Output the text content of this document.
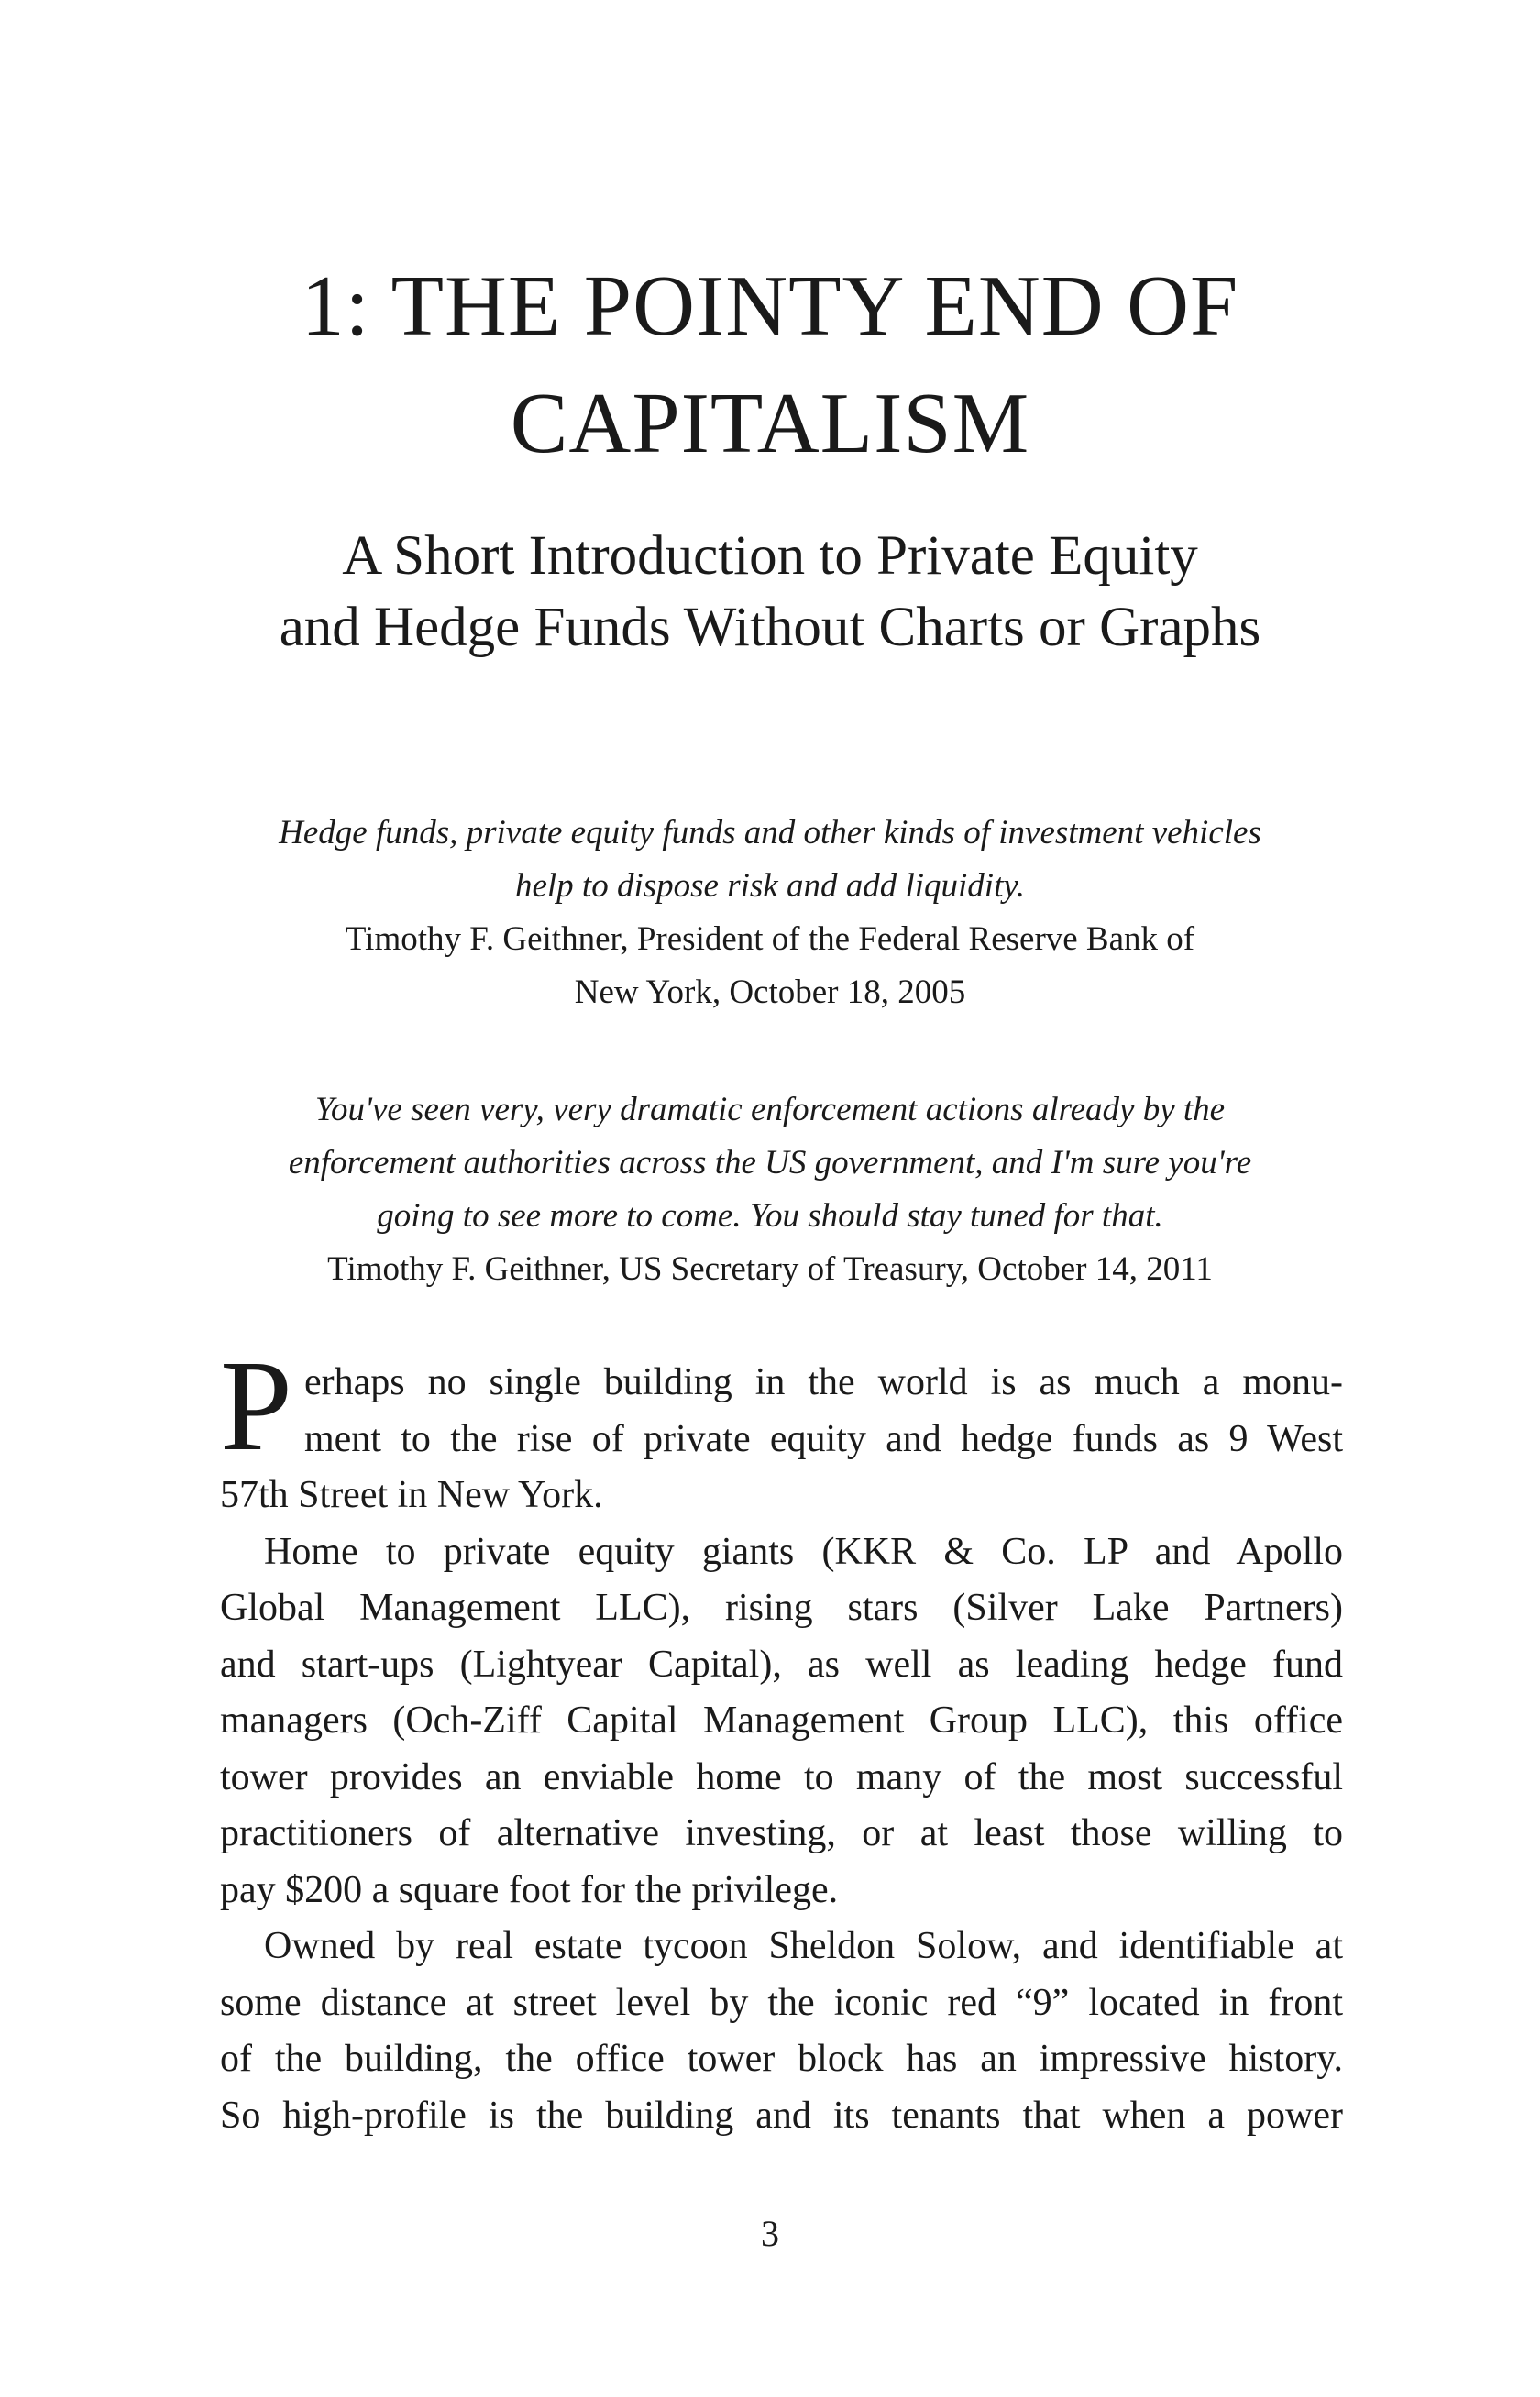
1: THE POINTY END OF
CAPITALISM
A Short Introduction to Private Equity
and Hedge Funds Without Charts or Graphs

Hedge funds, private equity funds and other kinds of investment vehicles
help to dispose risk and add liquidity.

Timothy F. Geithner, President of the Federal Reserve Bank of
New York, October 18, 2005

You've seen very, very dramatic enforcement actions already by the
enforcement authorities across the US government, and I'm sure you're
going to see more to come. You should stay tuned for that.

Timothy F. Geithner, US Secretary of Treasury, October 14, 2011

P erhaps no single building in the world is as much a monu-
ment to the rise of private equity and hedge funds as 9 West
57th Street in New York.
Home to private equity giants (KKR & Co. LP and Apollo
Global Management LLC), rising stars (Silver Lake Partners)
and start-ups (Lightyear Capital), as well as leading hedge fund
managers (Och-Ziff Capital Management Group LLC), this office
tower provides an enviable home to many of the most successful
practitioners of alternative investing, or at least those willing to
pay $200 a square foot for the privilege.
Owned by real estate tycoon Sheldon Solow, and identifiable at
some distance at street level by the iconic red “9” located in front
of the building, the office tower block has an impressive history.
So high-profile is the building and its tenants that when a power

3
